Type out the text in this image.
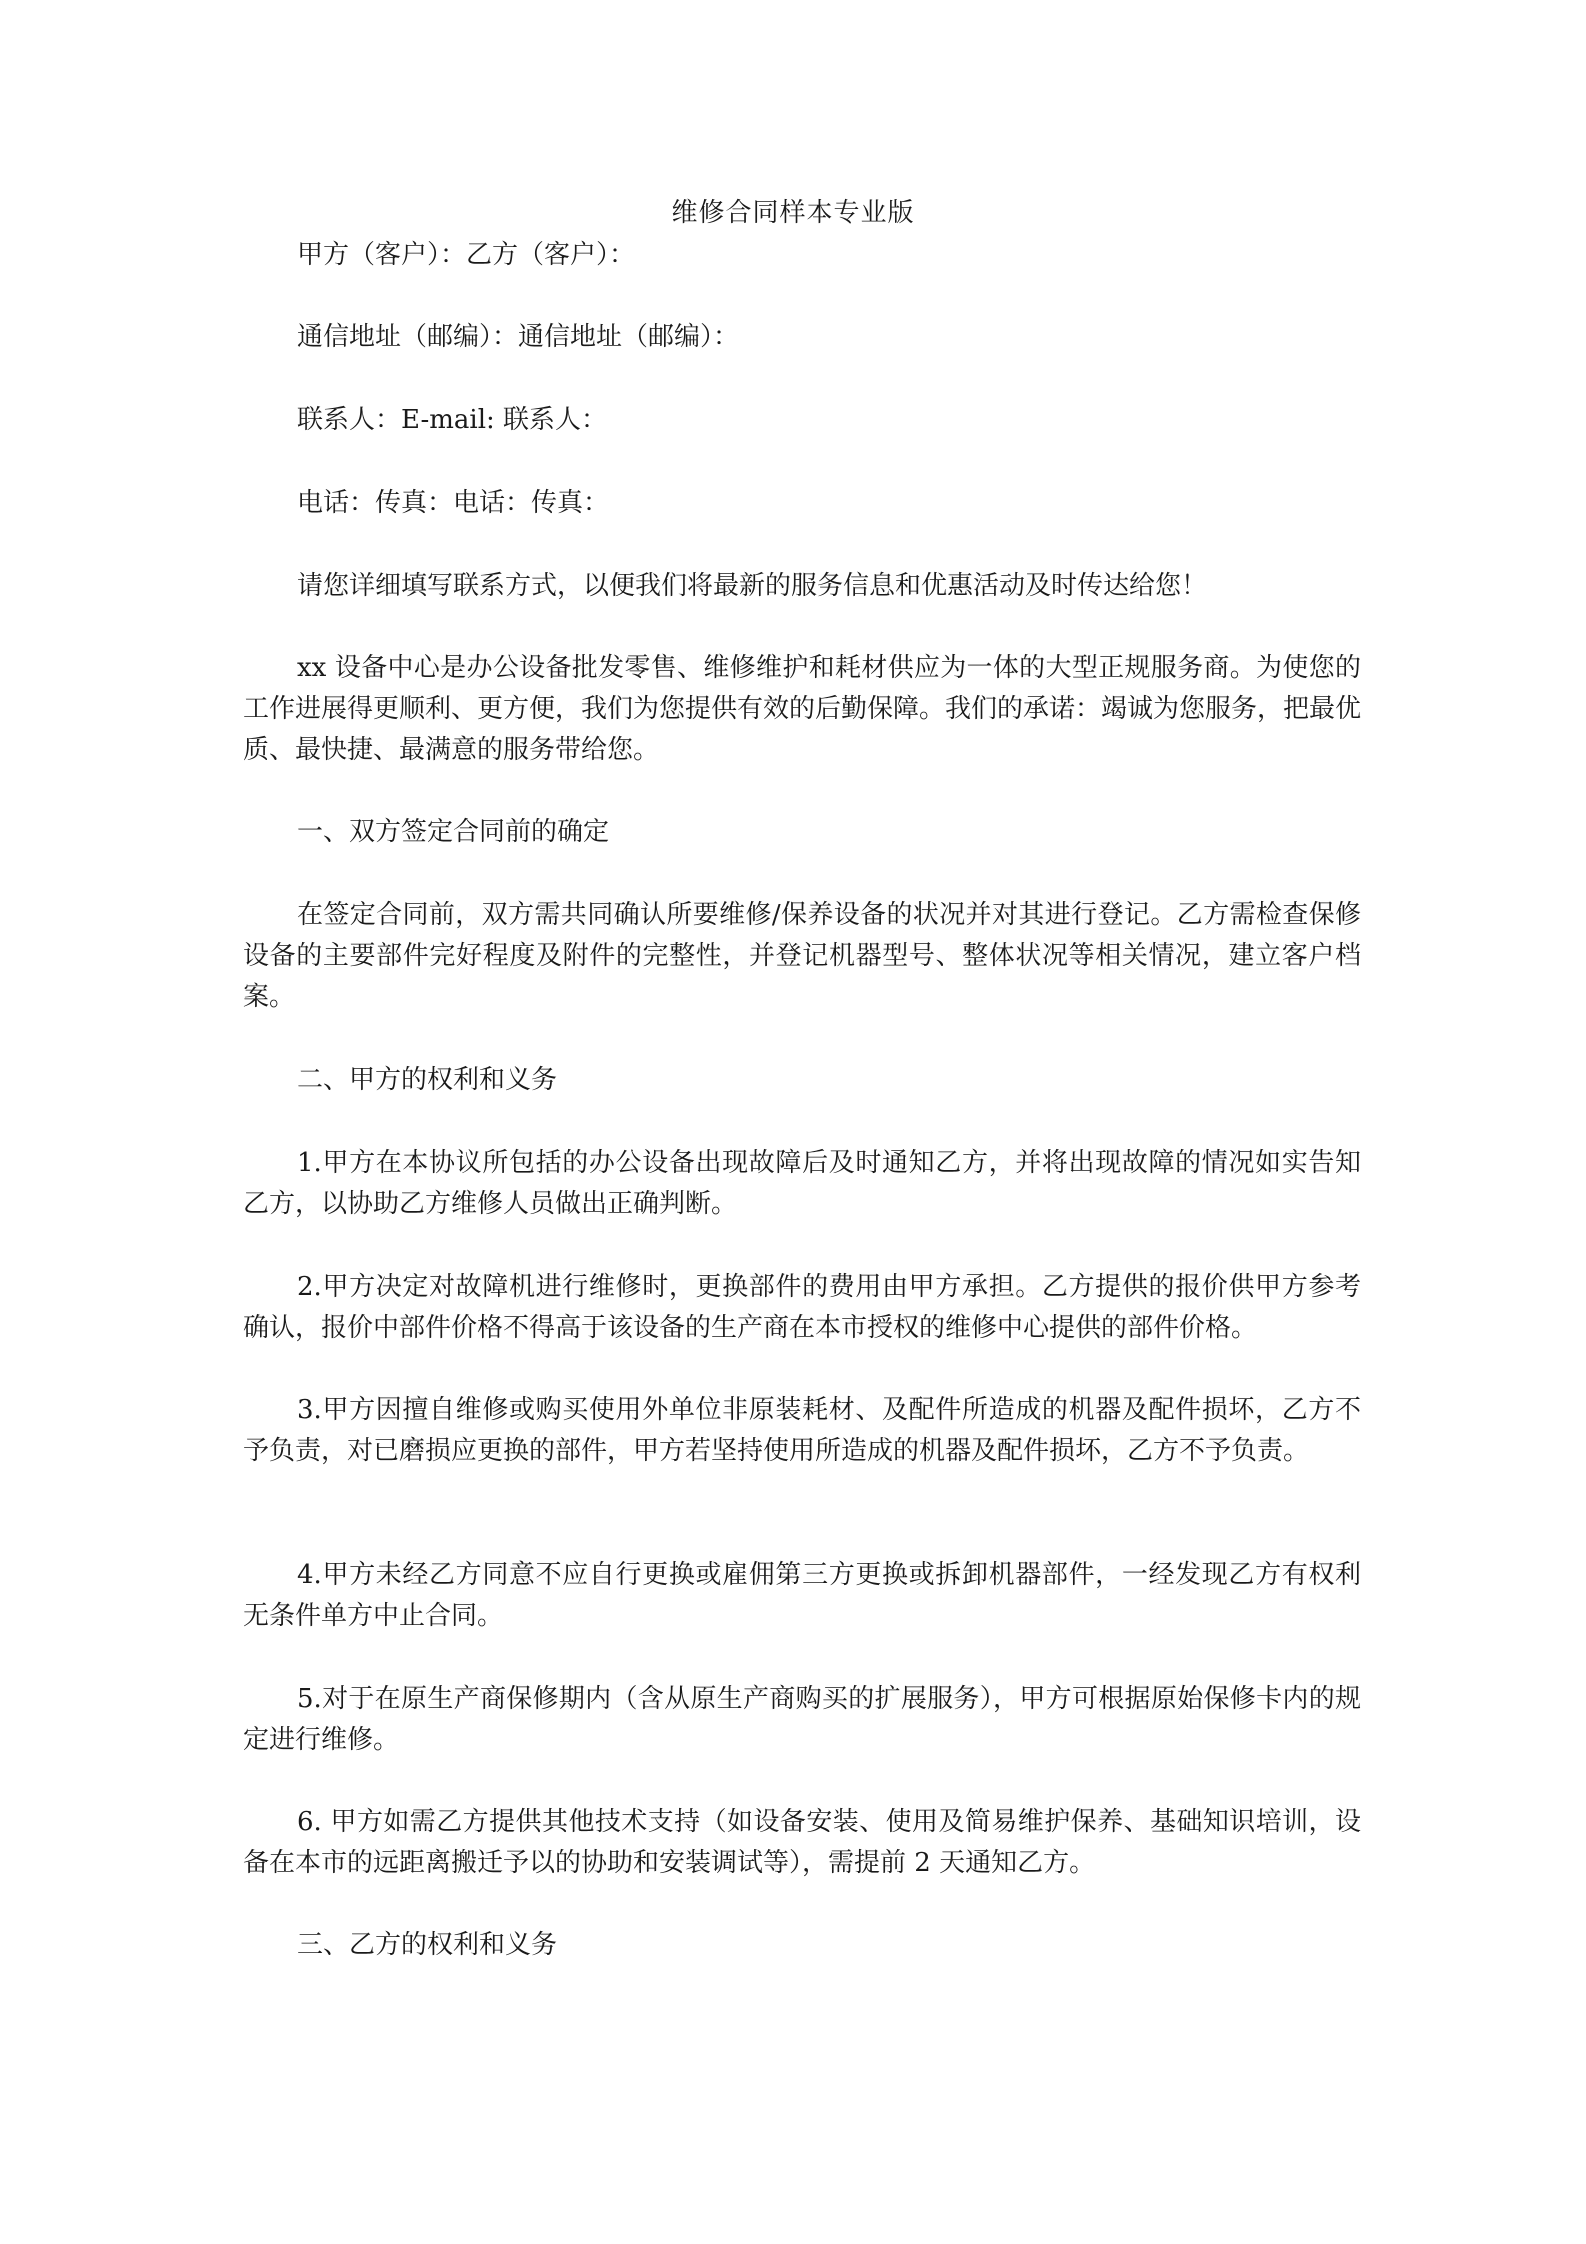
维修合同样本专业版
甲方（客户）：乙方（客户）：
通信地址（邮编）：通信地址（邮编）：
联系人：E-mail: 联系人：
电话：传真：电话：传真：
请您详细填写联系方式，以便我们将最新的服务信息和优惠活动及时传达给您！
xx 设备中心是办公设备批发零售、维修维护和耗材供应为一体的大型正规服务商。为使您的工作进展得更顺利、更方便，我们为您提供有效的后勤保障。我们的承诺：竭诚为您服务，把最优质、最快捷、最满意的服务带给您。
一、双方签定合同前的确定
在签定合同前，双方需共同确认所要维修/保养设备的状况并对其进行登记。乙方需检查保修设备的主要部件完好程度及附件的完整性，并登记机器型号、整体状况等相关情况，建立客户档案。
二、甲方的权利和义务
1.甲方在本协议所包括的办公设备出现故障后及时通知乙方，并将出现故障的情况如实告知乙方，以协助乙方维修人员做出正确判断。
2.甲方决定对故障机进行维修时，更换部件的费用由甲方承担。乙方提供的报价供甲方参考确认，报价中部件价格不得高于该设备的生产商在本市授权的维修中心提供的部件价格。
3.甲方因擅自维修或购买使用外单位非原装耗材、及配件所造成的机器及配件损坏，乙方不予负责，对已磨损应更换的部件，甲方若坚持使用所造成的机器及配件损坏，乙方不予负责。
4.甲方未经乙方同意不应自行更换或雇佣第三方更换或拆卸机器部件，一经发现乙方有权利无条件单方中止合同。
5.对于在原生产商保修期内（含从原生产商购买的扩展服务），甲方可根据原始保修卡内的规定进行维修。
6. 甲方如需乙方提供其他技术支持（如设备安装、使用及简易维护保养、基础知识培训，设备在本市的远距离搬迁予以的协助和安装调试等），需提前 2 天通知乙方。
三、乙方的权利和义务
